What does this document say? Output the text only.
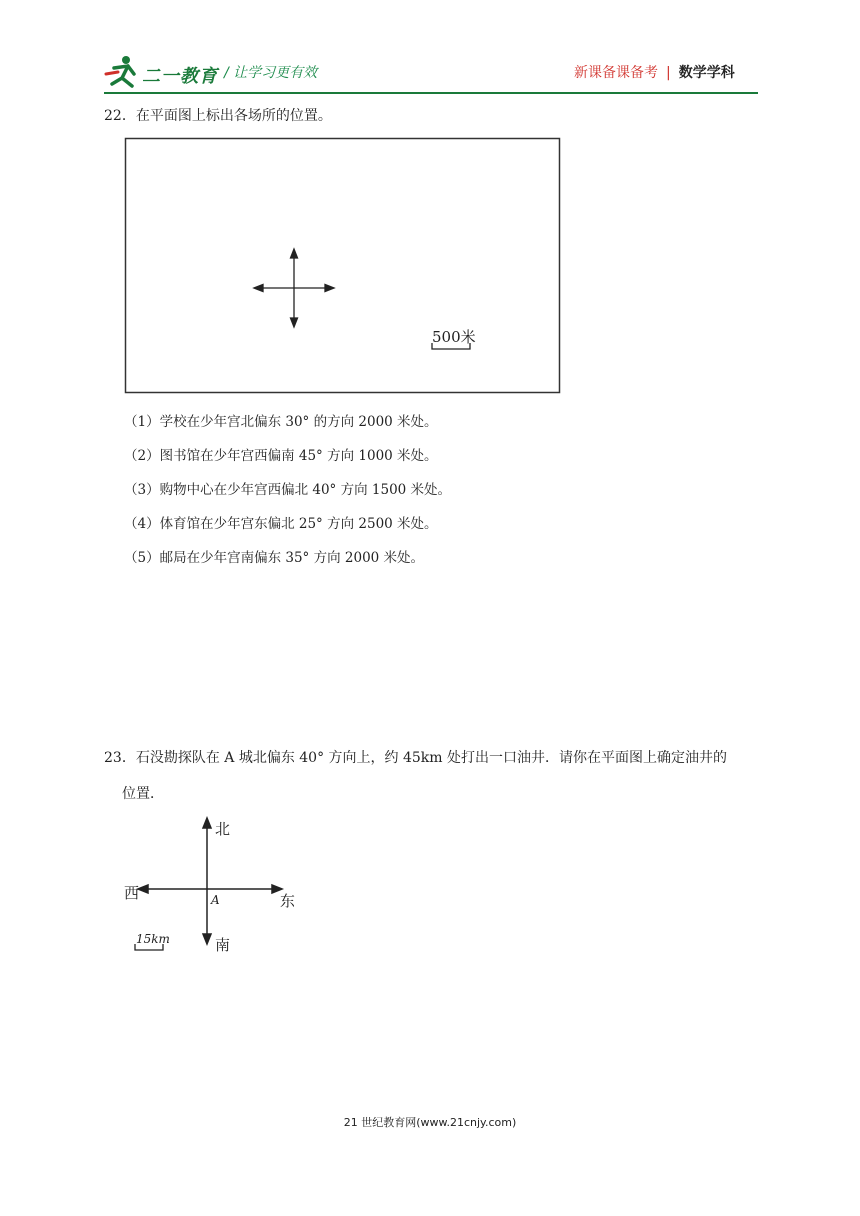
二一教育 / 让学习更有效	新课备课备考 | 数学学科
22．在平面图上标出各场所的位置。
500米
（1）学校在少年宫北偏东 30° 的方向 2000 米处。
（2）图书馆在少年宫西偏南 45° 方向 1000 米处。
（3）购物中心在少年宫西偏北 40° 方向 1500 米处。
（4）体育馆在少年宫东偏北 25° 方向 2500 米处。
（5）邮局在少年宫南偏东 35° 方向 2000 米处。
23．石没勘探队在 A 城北偏东 40° 方向上，约 45km 处打出一口油井．请你在平面图上确定油井的
位置．
北
南
东
西	A
15km
21 世纪教育网(www.21cnjy.com)
